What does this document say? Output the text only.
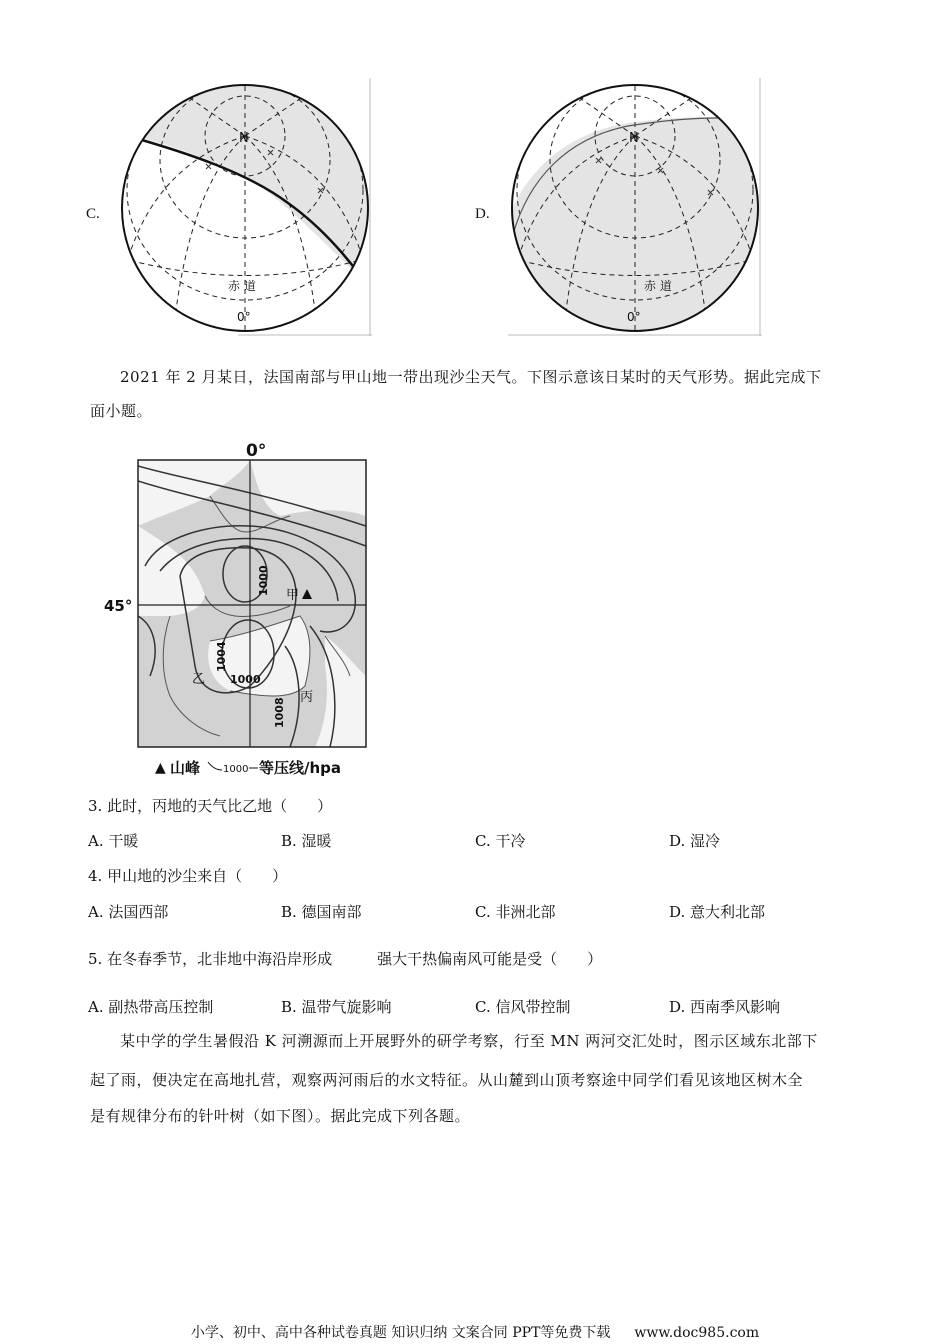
C.
N
赤 道
0°
D.
N
赤 道
0°
2021 年 2 月某日，法国南部与甲山地一带出现沙尘天气。下图示意该日某时的天气形势。据此完成下
面小题。
0°
45°
1000
1004
1000
1008
甲
乙
丙
▲ 山峰 1000 等压线/hpa
3. 此时，丙地的天气比乙地（　　）
A. 干暖	B. 湿暖	C. 干冷	D. 湿冷
4. 甲山地的沙尘来自（　　）
A. 法国西部	B. 德国南部	C. 非洲北部	D. 意大利北部
5. 在冬春季节，北非地中海沿岸形成　　　强大干热偏南风可能是受（　　）
A. 副热带高压控制	B. 温带气旋影响	C. 信风带控制	D. 西南季风影响
某中学的学生暑假沿 K 河溯源而上开展野外的研学考察，行至 MN 两河交汇处时，图示区域东北部下
起了雨，便决定在高地扎营，观察两河雨后的水文特征。从山麓到山顶考察途中同学们看见该地区树木全
是有规律分布的针叶树（如下图）。据此完成下列各题。
小学、初中、高中各种试卷真题 知识归纳 文案合同 PPT等免费下载 www.doc985.com
